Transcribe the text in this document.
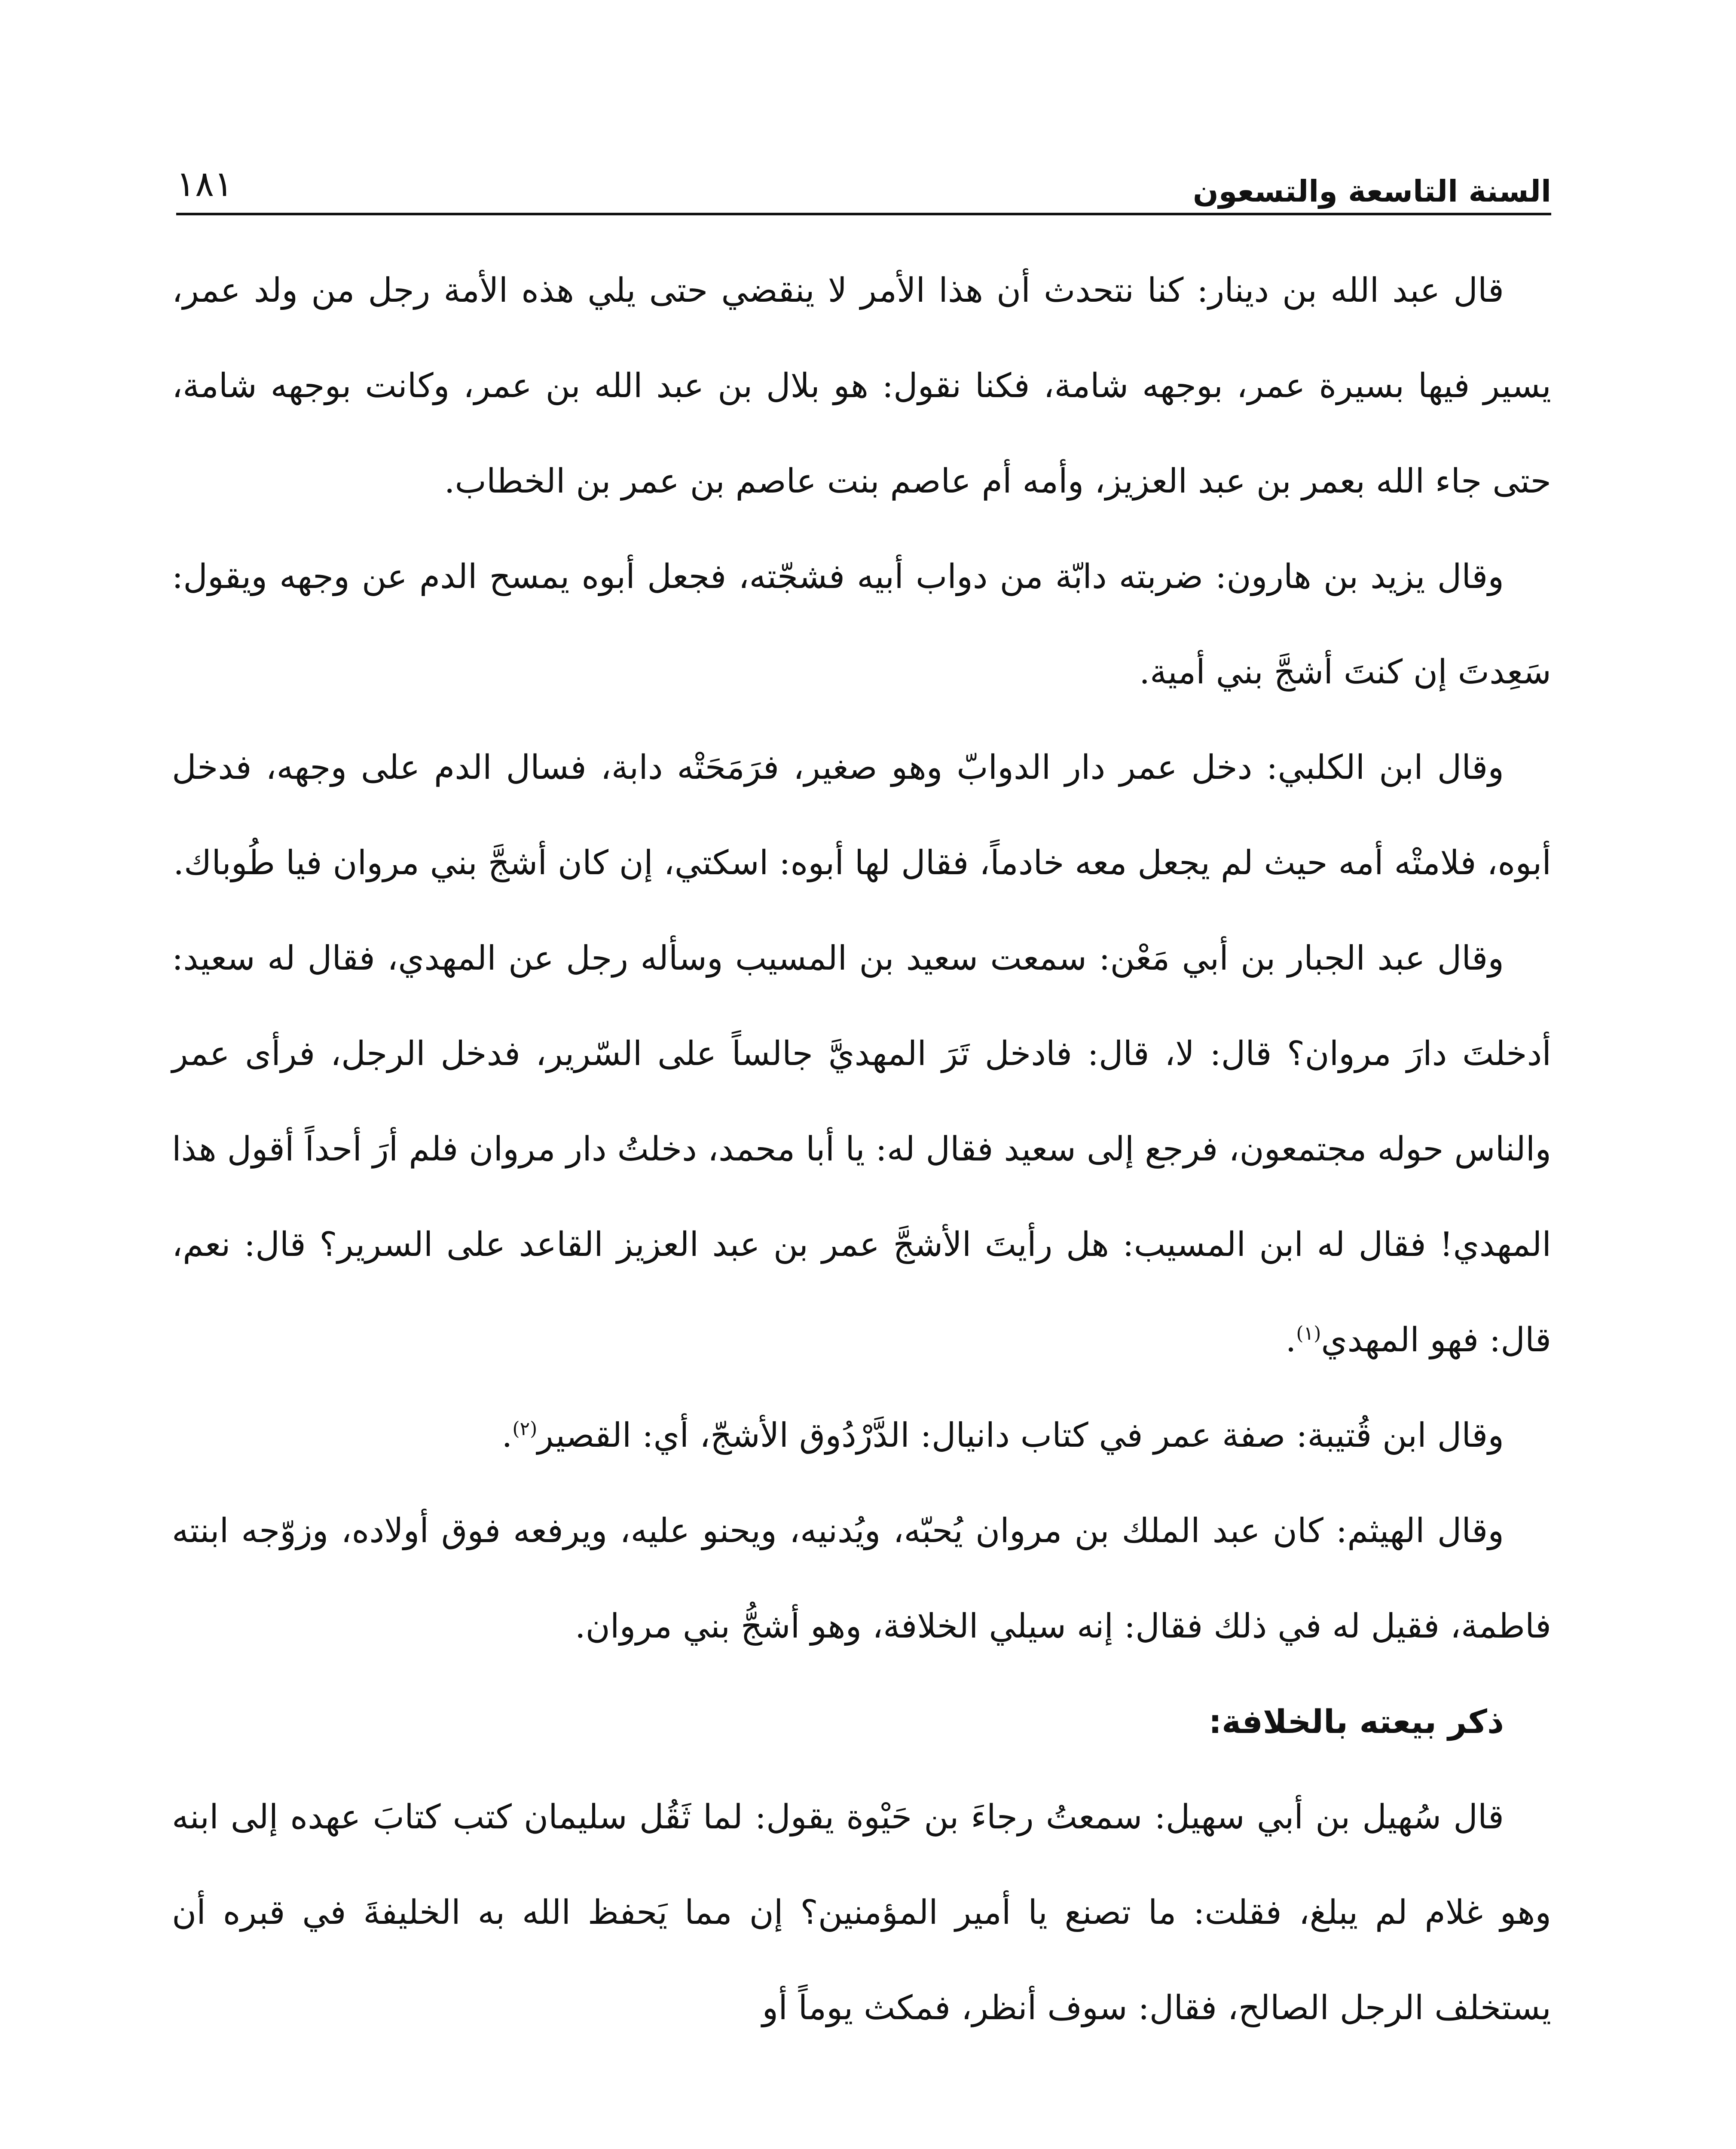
السنة التاسعة والتسعون
١٨١

قال عبد الله بن دينار: كنا نتحدث أن هذا الأمر لا ينقضي حتى يلي هذه الأمة رجل من ولد عمر، يسير فيها بسيرة عمر، بوجهه شامة، فكنا نقول: هو بلال بن عبد الله بن عمر، وكانت بوجهه شامة، حتى جاء الله بعمر بن عبد العزيز، وأمه أم عاصم بنت عاصم بن عمر بن الخطاب.

وقال يزيد بن هارون: ضربته دابّة من دواب أبيه فشجّته، فجعل أبوه يمسح الدم عن وجهه ويقول: سَعِدتَ إن كنتَ أشجَّ بني أمية.

وقال ابن الكلبي: دخل عمر دار الدوابّ وهو صغير، فرَمَحَتْه دابة، فسال الدم على وجهه، فدخل أبوه، فلامتْه أمه حيث لم يجعل معه خادماً، فقال لها أبوه: اسكتي، إن كان أشجَّ بني مروان فيا طُوباك.

وقال عبد الجبار بن أبي مَعْن: سمعت سعيد بن المسيب وسأله رجل عن المهدي، فقال له سعيد: أدخلتَ دارَ مروان؟ قال: لا، قال: فادخل تَرَ المهديَّ جالساً على السّرير، فدخل الرجل، فرأى عمر والناس حوله مجتمعون، فرجع إلى سعيد فقال له: يا أبا محمد، دخلتُ دار مروان فلم أرَ أحداً أقول هذا المهدي! فقال له ابن المسيب: هل رأيتَ الأشجَّ عمر بن عبد العزيز القاعد على السرير؟ قال: نعم، قال: فهو المهدي$^{(١)}$.

وقال ابن قُتيبة: صفة عمر في كتاب دانيال: الدَّرْدُوق الأشجّ، أي: القصير$^{(٢)}$.

وقال الهيثم: كان عبد الملك بن مروان يُحبّه، ويُدنيه، ويحنو عليه، ويرفعه فوق أولاده، وزوّجه ابنته فاطمة، فقيل له في ذلك فقال: إنه سيلي الخلافة، وهو أشجُّ بني مروان.

ذكر بيعته بالخلافة:

قال سُهيل بن أبي سهيل: سمعتُ رجاءَ بن حَيْوة يقول: لما ثَقُل سليمان كتب كتابَ عهده إلى ابنه وهو غلام لم يبلغ، فقلت: ما تصنع يا أمير المؤمنين؟ إن مما يَحفظ الله به الخليفةَ في قبره أن يستخلف الرجل الصالح، فقال: سوف أنظر، فمكث يوماً أو
